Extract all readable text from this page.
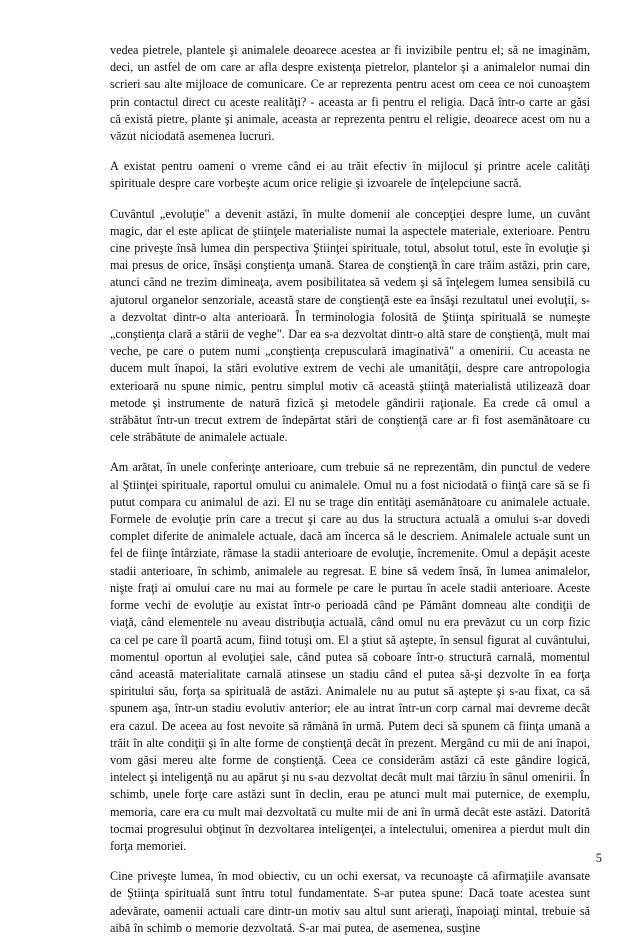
vedea pietrele, plantele şi animalele deoarece acestea ar fi invizibile pentru el; să ne imaginăm, deci, un astfel de om care ar afla despre existenţa pietrelor, plantelor şi a animalelor numai din scrieri sau alte mijloace de comunicare. Ce ar reprezenta pentru acest om ceea ce noi cunoaştem prin contactul direct cu aceste realităţi? - aceasta ar fi pentru el religia. Dacă într-o carte ar găsi că există pietre, plante şi animale, aceasta ar reprezenta pentru el religie, deoarece acest om nu a văzut niciodată asemenea lucruri.

A existat pentru oameni o vreme când ei au trăit efectiv în mijlocul şi printre acele calităţi spirituale despre care vorbeşte acum orice religie şi izvoarele de înţelepciune sacră.

Cuvântul „evoluţie" a devenit astăzi, în multe domenii ale concepţiei despre lume, un cuvânt magic, dar el este aplicat de ştiinţele materialiste numai la aspectele materiale, exterioare. Pentru cine priveşte însă lumea din perspectiva Ştiinţei spirituale, totul, absolut totul, este în evoluţie şi mai presus de orice, însăşi conştienţa umană. Starea de conştienţă în care trăim astăzi, prin care, atunci când ne trezim dimineaţa, avem posibilitatea să vedem şi să înţelegem lumea sensibilă cu ajutorul organelor senzoriale, această stare de conştienţă este ea însăşi rezultatul unei evoluţii, s-a dezvoltat dintr-o alta anterioară. În terminologia folosită de Ştiinţa spirituală se numeşte „conştienţa clară a stării de veghe". Dar ea s-a dezvoltat dintr-o altă stare de conştienţă, mult mai veche, pe care o putem numi „conştienţa crepusculară imaginativă" a omenirii. Cu aceasta ne ducem mult înapoi, la stări evolutive extrem de vechi ale umanităţii, despre care antropologia exterioară nu spune nimic, pentru simplul motiv că această ştiinţă materialistă utilizează doar metode şi instrumente de natură fizică şi metodele gândirii raţionale. Ea crede că omul a străbătut într-un trecut extrem de îndepărtat stări de conştienţă care ar fi fost asemănătoare cu cele străbătute de animalele actuale.

Am arătat, în unele conferinţe anterioare, cum trebuie să ne reprezentăm, din punctul de vedere al Ştiinţei spirituale, raportul omului cu animalele. Omul nu a fost niciodată o fiinţă care să se fi putut compara cu animalul de azi. El nu se trage din entităţi asemănătoare cu animalele actuale. Formele de evoluţie prin care a trecut şi care au dus la structura actuală a omului s-ar dovedi complet diferite de animalele actuale, dacă am încerca să le descriem. Animalele actuale sunt un fel de fiinţe întârziate, rămase la stadii anterioare de evoluţie, încremenite. Omul a depăşit aceste stadii anterioare, în schimb, animalele au regresat. E bine să vedem însă, în lumea animalelor, nişte fraţi ai omului care nu mai au formele pe care le purtau în acele stadii anterioare. Aceste forme vechi de evoluţie au existat într-o perioadă când pe Pământ domneau alte condiţii de viaţă, când elementele nu aveau distribuţia actuală, când omul nu era prevăzut cu un corp fizic ca cel pe care îl poartă acum, fiind totuşi om. El a ştiut să aştepte, în sensul figurat al cuvântului, momentul oportun al evoluţiei sale, când putea să coboare într-o structură carnală, momentul când această materialitate carnală atinsese un stadiu când el putea să-şi dezvolte în ea forţa spiritului său, forţa sa spirituală de astăzi. Animalele nu au putut să aştepte şi s-au fixat, ca să spunem aşa, într-un stadiu evolutiv anterior; ele au intrat într-un corp carnal mai devreme decât era cazul. De aceea au fost nevoite să rămână în urmă. Putem deci să spunem că fiinţa umană a trăit în alte condiţii şi în alte forme de conştienţă decât în prezent. Mergând cu mii de ani înapoi, vom găsi mereu alte forme de conştienţă. Ceea ce considerăm astăzi că este gândire logică, intelect şi inteligenţă nu au apărut şi nu s-au dezvoltat decât mult mai târziu în sânul omenirii. În schimb, unele forţe care astăzi sunt în declin, erau pe atunci mult mai puternice, de exemplu, memoria, care era cu mult mai dezvoltată cu multe mii de ani în urmă decât este astăzi. Datorită tocmai progresului obţinut în dezvoltarea inteligenţei, a intelectului, omenirea a pierdut mult din forţa memoriei.

Cine priveşte lumea, în mod obiectiv, cu un ochi exersat, va recunoaşte că afirmaţiile avansate de Ştiinţa spirituală sunt întru totul fundamentate. S-ar putea spune: Dacă toate acestea sunt adevărate, oamenii actuali care dintr-un motiv sau altul sunt arieraţi, înapoiaţi mintal, trebuie să aibă în schimb o memorie dezvoltată. S-ar mai putea, de asemenea, susţine

5
